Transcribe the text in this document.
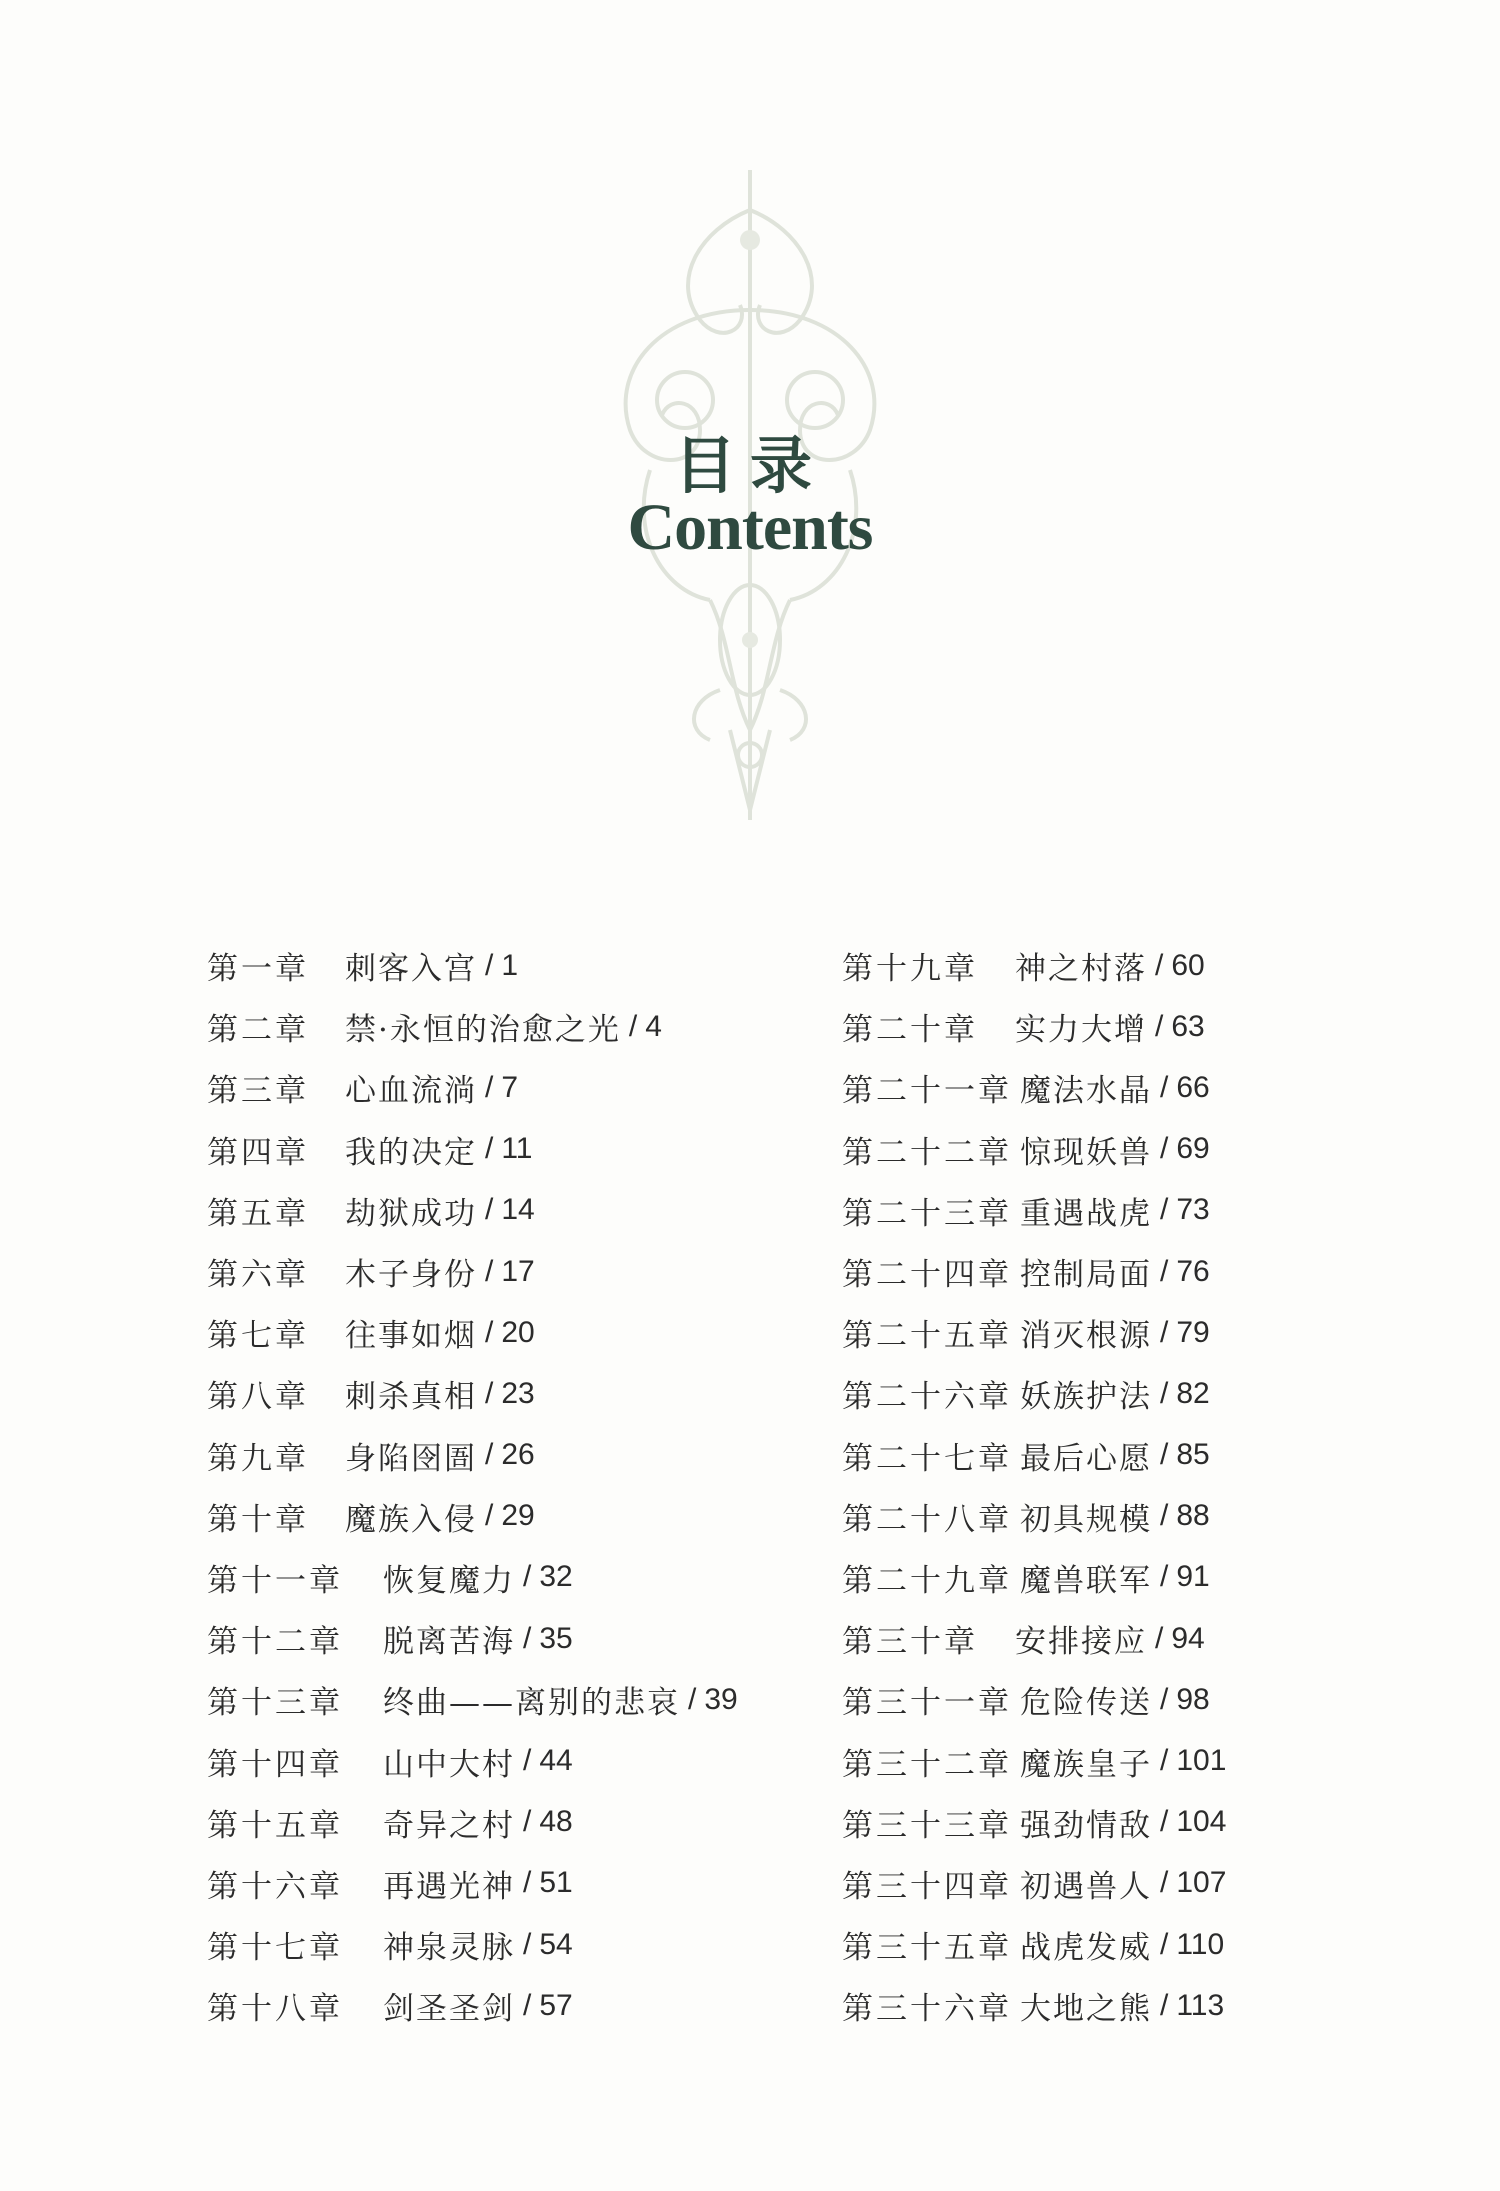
目录
Contents
第一章	刺客入宫 / 1
第二章	禁·永恒的治愈之光 / 4
第三章	心血流淌 / 7
第四章	我的决定 / 11
第五章	劫狱成功 / 14
第六章	木子身份 / 17
第七章	往事如烟 / 20
第八章	刺杀真相 / 23
第九章	身陷囹圄 / 26
第十章	魔族入侵 / 29
第十一章	恢复魔力 / 32
第十二章	脱离苦海 / 35
第十三章	终曲——离别的悲哀 / 39
第十四章	山中大村 / 44
第十五章	奇异之村 / 48
第十六章	再遇光神 / 51
第十七章	神泉灵脉 / 54
第十八章	剑圣圣剑 / 57
第十九章	神之村落 / 60
第二十章	实力大增 / 63
第二十一章 魔法水晶 / 66
第二十二章 惊现妖兽 / 69
第二十三章 重遇战虎 / 73
第二十四章 控制局面 / 76
第二十五章 消灭根源 / 79
第二十六章 妖族护法 / 82
第二十七章 最后心愿 / 85
第二十八章 初具规模 / 88
第二十九章 魔兽联军 / 91
第三十章	安排接应 / 94
第三十一章 危险传送 / 98
第三十二章 魔族皇子 / 101
第三十三章 强劲情敌 / 104
第三十四章 初遇兽人 / 107
第三十五章 战虎发威 / 110
第三十六章 大地之熊 / 113
